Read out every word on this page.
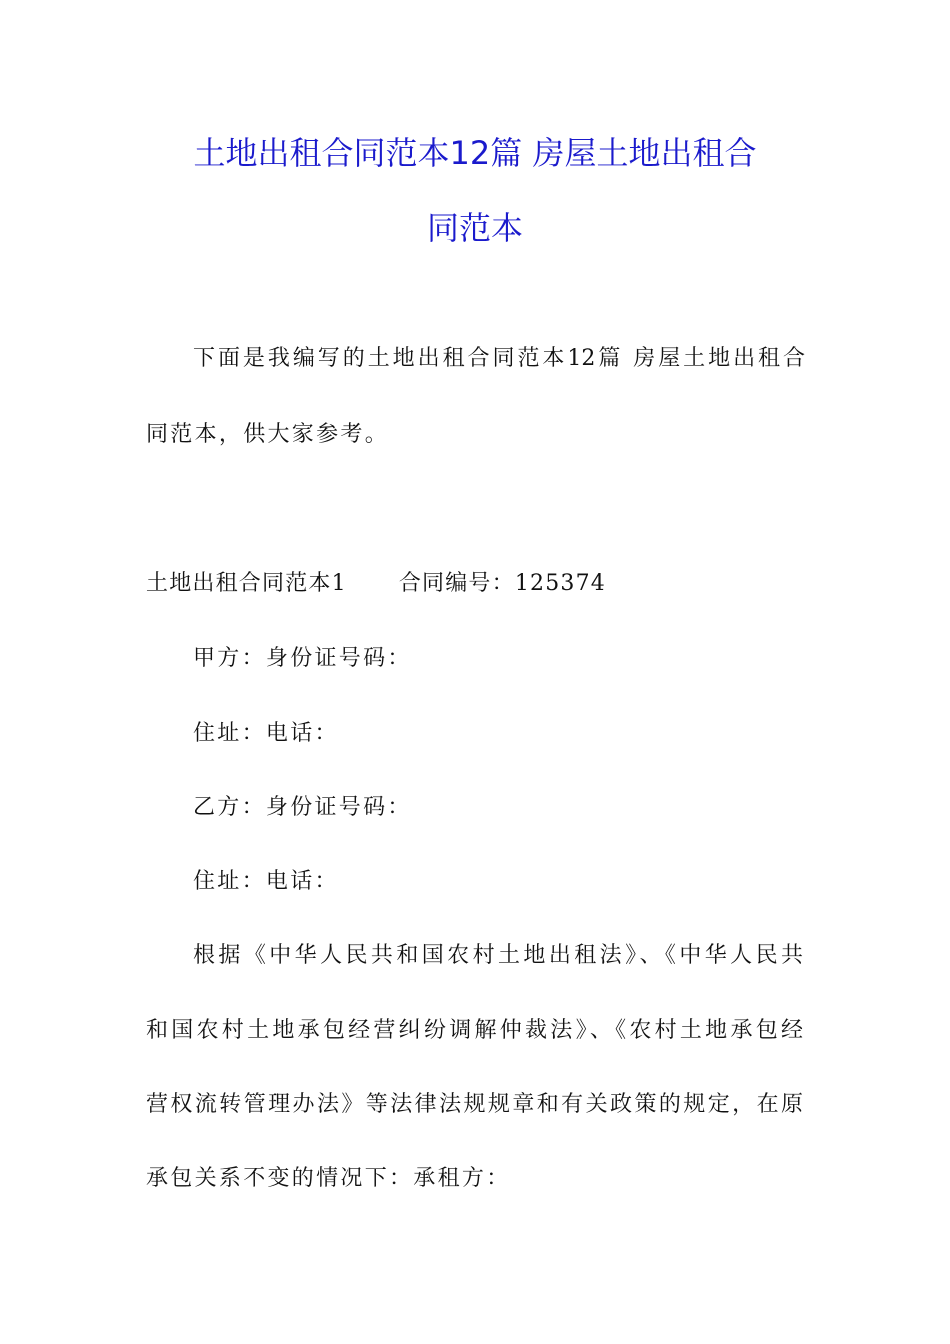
土地出租合同范本12篇 房屋土地出租合
同范本
下面是我编写的土地出租合同范本12篇 房屋土地出租合
同范本，供大家参考。
土地出租合同范本1 合同编号：125374
甲方：身份证号码：
住址：电话：
乙方：身份证号码：
住址：电话：
根据《中华人民共和国农村土地出租法》、《中华人民共
和国农村土地承包经营纠纷调解仲裁法》、《农村土地承包经
营权流转管理办法》等法律法规规章和有关政策的规定，在原
承包关系不变的情况下：承租方：
